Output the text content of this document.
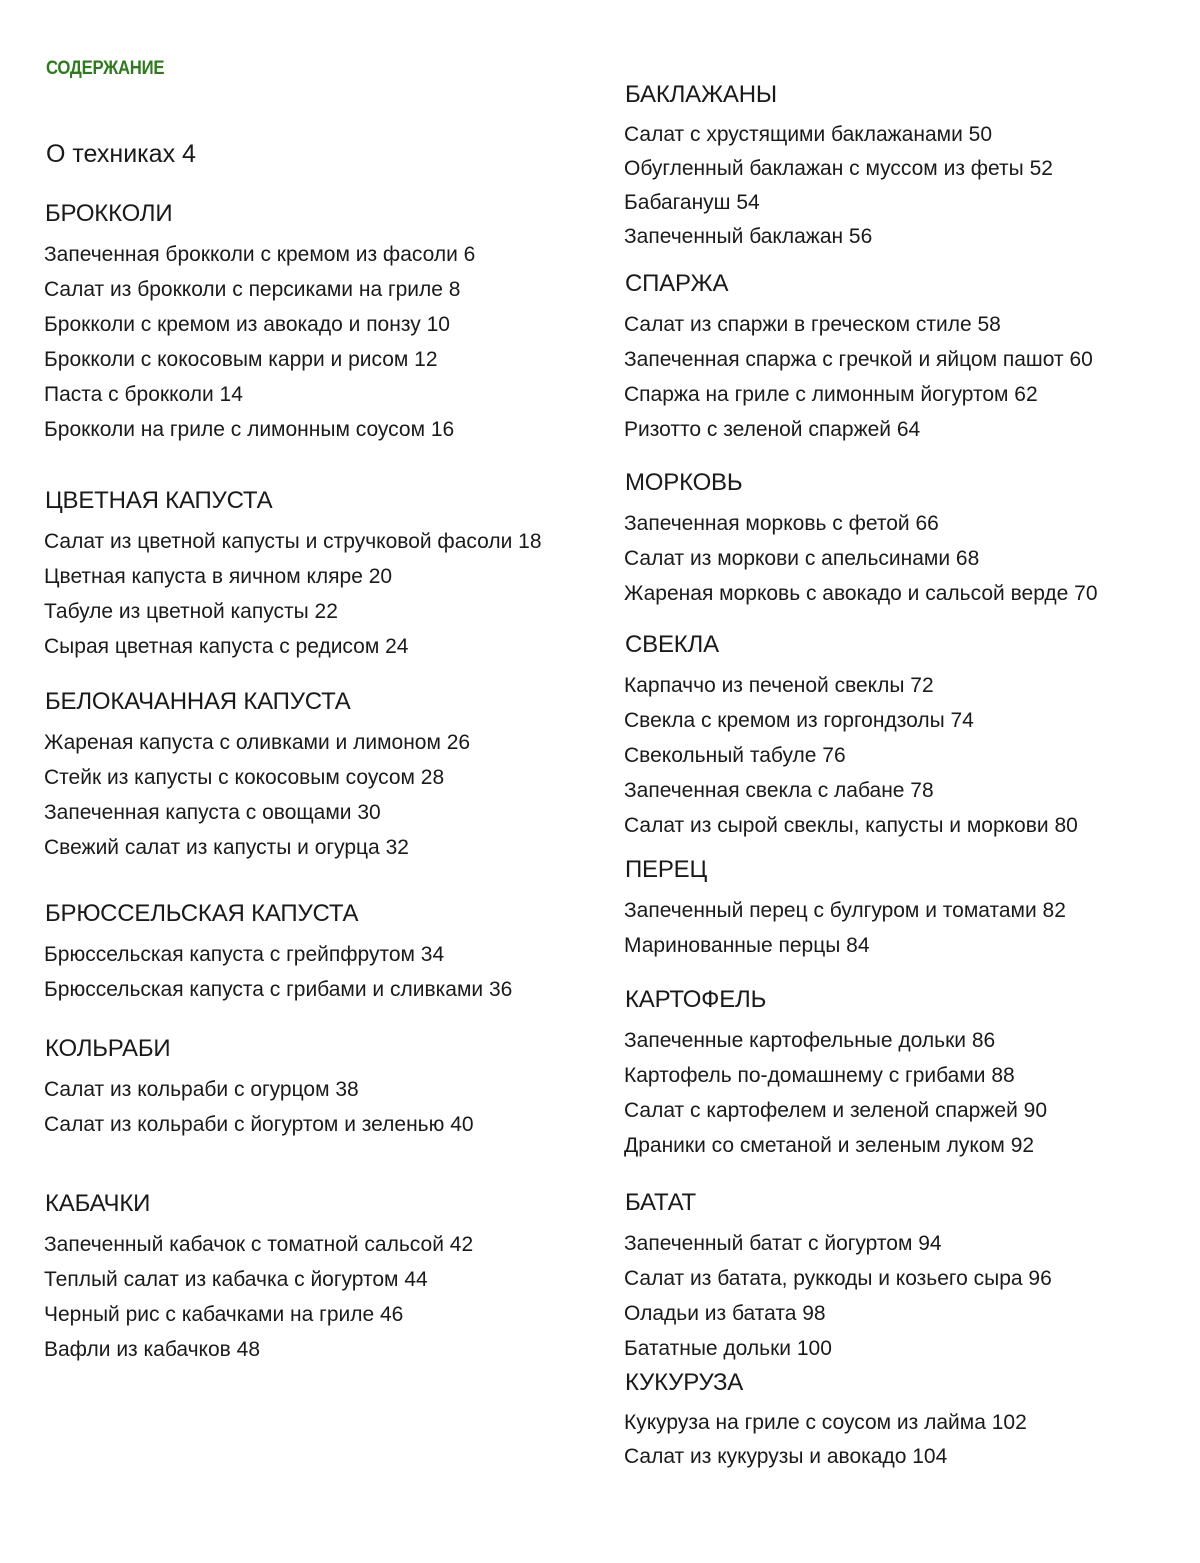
СОДЕРЖАНИЕ
О техниках 4
БРОККОЛИ
Запеченная брокколи с кремом из фасоли 6
Салат из брокколи с персиками на гриле 8
Брокколи с кремом из авокадо и понзу 10
Брокколи с кокосовым карри и рисом 12
Паста с брокколи 14
Брокколи на гриле с лимонным соусом 16
ЦВЕТНАЯ КАПУСТА
Салат из цветной капусты и стручковой фасоли 18
Цветная капуста в яичном кляре 20
Табуле из цветной капусты 22
Сырая цветная капуста с редисом 24
БЕЛОКАЧАННАЯ КАПУСТА
Жареная капуста с оливками и лимоном 26
Стейк из капусты с кокосовым соусом 28
Запеченная капуста с овощами 30
Свежий салат из капусты и огурца 32
БРЮССЕЛЬСКАЯ КАПУСТА
Брюссельская капуста с грейпфрутом 34
Брюссельская капуста с грибами и сливками 36
КОЛЬРАБИ
Салат из кольраби с огурцом 38
Салат из кольраби с йогуртом и зеленью 40
КАБАЧКИ
Запеченный кабачок с томатной сальсой 42
Теплый салат из кабачка с йогуртом 44
Черный рис с кабачками на гриле 46
Вафли из кабачков 48
БАКЛАЖАНЫ
Салат с хрустящими баклажанами 50
Обугленный баклажан с муссом из феты 52
Бабагануш 54
Запеченный баклажан 56
СПАРЖА
Салат из спаржи в греческом стиле 58
Запеченная спаржа с гречкой и яйцом пашот 60
Спаржа на гриле с лимонным йогуртом 62
Ризотто с зеленой спаржей 64
МОРКОВЬ
Запеченная морковь с фетой 66
Салат из моркови с апельсинами 68
Жареная морковь с авокадо и сальсой верде 70
СВЕКЛА
Карпаччо из печеной свеклы 72
Свекла с кремом из горгондзолы 74
Свекольный табуле 76
Запеченная свекла с лабане 78
Салат из сырой свеклы, капусты и моркови 80
ПЕРЕЦ
Запеченный перец с булгуром и томатами 82
Маринованные перцы 84
КАРТОФЕЛЬ
Запеченные картофельные дольки 86
Картофель по-домашнему с грибами 88
Салат с картофелем и зеленой спаржей 90
Драники со сметаной и зеленым луком 92
БАТАТ
Запеченный батат с йогуртом 94
Салат из батата, руккоды и козьего сыра 96
Оладьи из батата 98
Бататные дольки 100
КУКУРУЗА
Кукуруза на гриле с соусом из лайма 102
Салат из кукурузы и авокадо 104
